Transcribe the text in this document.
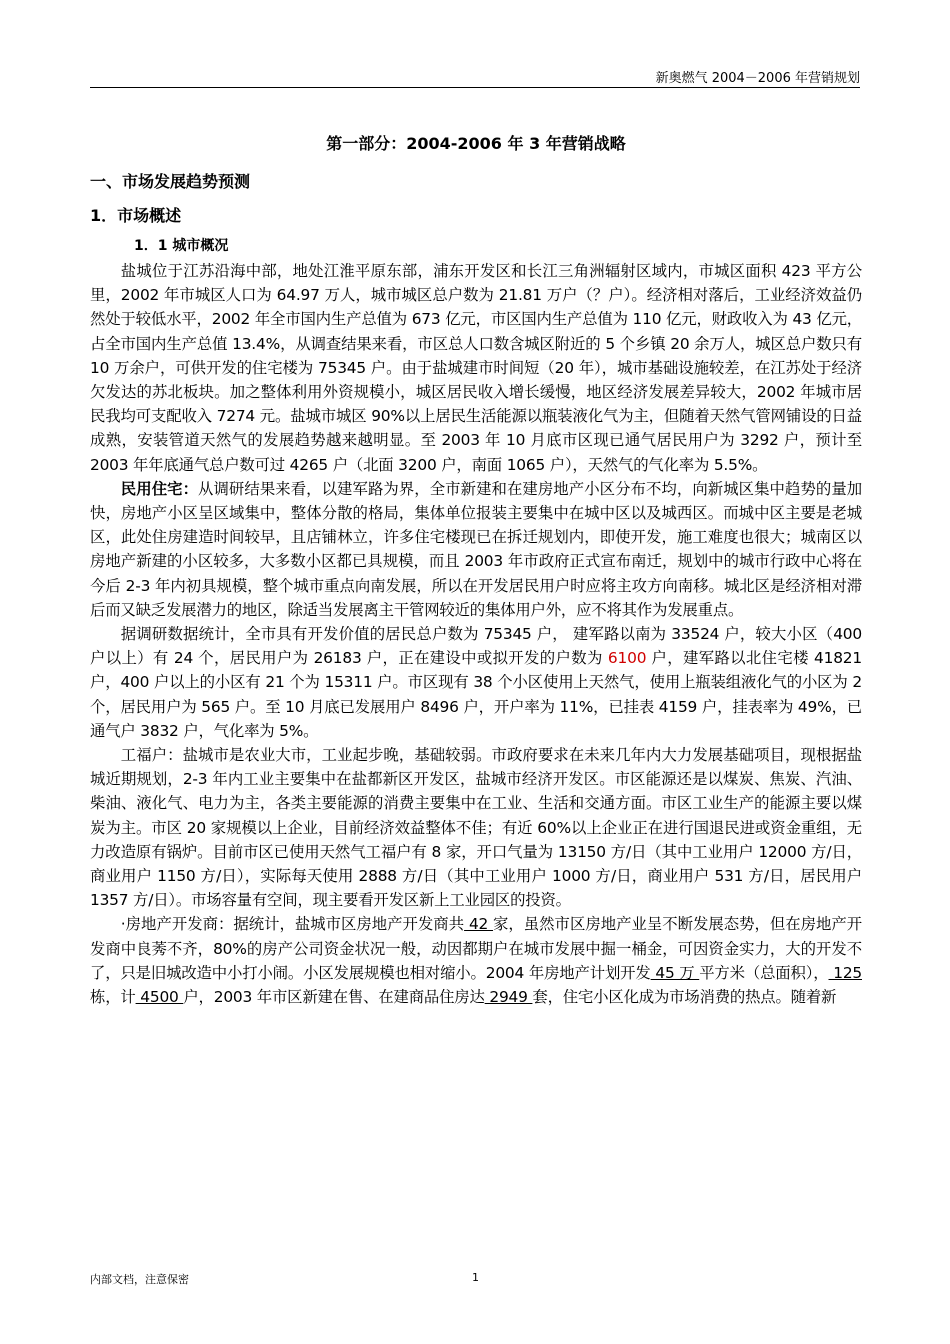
新奥燃气 2004－2006 年营销规划
第一部分：2004-2006 年 3 年营销战略
一、市场发展趋势预测
1．市场概述
1．1 城市概况

盐城位于江苏沿海中部，地处江淮平原东部，浦东开发区和长江三角洲辐射区域内，市城区面积 423 平方公里，2002 年市城区人口为 64.97 万人，城市城区总户数为 21.81 万户（？户）。经济相对落后，工业经济效益仍然处于较低水平，2002 年全市国内生产总值为 673 亿元，市区国内生产总值为 110 亿元，财政收入为 43 亿元，占全市国内生产总值 13.4%，从调查结果来看，市区总人口数含城区附近的 5 个乡镇 20 余万人，城区总户数只有 10 万余户，可供开发的住宅楼为 75345 户。由于盐城建市时间短（20 年），城市基础设施较差，在江苏处于经济欠发达的苏北板块。加之整体利用外资规模小，城区居民收入增长缓慢，地区经济发展差异较大，2002 年城市居民我均可支配收入 7274 元。盐城市城区 90%以上居民生活能源以瓶装液化气为主，但随着天然气管网铺设的日益成熟，安装管道天然气的发展趋势越来越明显。至 2003 年 10 月底市区现已通气居民用户为 3292 户，预计至 2003 年年底通气总户数可过 4265 户（北面 3200 户，南面 1065 户），天然气的气化率为 5.5%。

民用住宅：从调研结果来看，以建军路为界，全市新建和在建房地产小区分布不均，向新城区集中趋势的量加快，房地产小区呈区域集中，整体分散的格局，集体单位报装主要集中在城中区以及城西区。而城中区主要是老城区，此处住房建造时间较早，且店铺林立，许多住宅楼现已在拆迁规划内，即使开发，施工难度也很大；城南区以房地产新建的小区较多，大多数小区都已具规模，而且 2003 年市政府正式宣布南迁，规划中的城市行政中心将在今后 2-3 年内初具规模，整个城市重点向南发展，所以在开发居民用户时应将主攻方向南移。城北区是经济相对滞后而又缺乏发展潜力的地区，除适当发展离主干管网较近的集体用户外，应不将其作为发展重点。

据调研数据统计，全市具有开发价值的居民总户数为 75345 户， 建军路以南为 33524 户，较大小区（400 户以上）有 24 个，居民用户为 26183 户，正在建设中或拟开发的户数为 6100 户，建军路以北住宅楼 41821 户，400 户以上的小区有 21 个为 15311 户。市区现有 38 个小区使用上天然气，使用上瓶装组液化气的小区为 2 个，居民用户为 565 户。至 10 月底已发展用户 8496 户，开户率为 11%，已挂表 4159 户，挂表率为 49%，已通气户 3832 户，气化率为 5%。

工福户：盐城市是农业大市，工业起步晚，基础较弱。市政府要求在未来几年内大力发展基础项目，现根据盐城近期规划，2-3 年内工业主要集中在盐都新区开发区，盐城市经济开发区。市区能源还是以煤炭、焦炭、汽油、柴油、液化气、电力为主，各类主要能源的消费主要集中在工业、生活和交通方面。市区工业生产的能源主要以煤炭为主。市区 20 家规模以上企业，目前经济效益整体不佳；有近 60%以上企业正在进行国退民进或资金重组，无力改造原有锅炉。目前市区已使用天然气工福户有 8 家，开口气量为 13150 方/日（其中工业用户 12000 方/日，商业用户 1150 方/日），实际每天使用 2888 方/日（其中工业用户 1000 方/日，商业用户 531 方/日，居民用户 1357 方/日）。市场容量有空间，现主要看开发区新上工业园区的投资。

·房地产开发商：据统计，盐城市区房地产开发商共 42 家，虽然市区房地产业呈不断发展态势，但在房地产开发商中良莠不齐，80%的房产公司资金状况一般，动因都期户在城市发展中掘一桶金，可因资金实力，大的开发不了，只是旧城改造中小打小闹。小区发展规模也相对缩小。2004 年房地产计划开发 45 万 平方米（总面积）， 125 栋，计 4500 户，2003 年市区新建在售、在建商品住房达 2949 套，住宅小区化成为市场消费的热点。随着新

内部文档，注意保密	1
